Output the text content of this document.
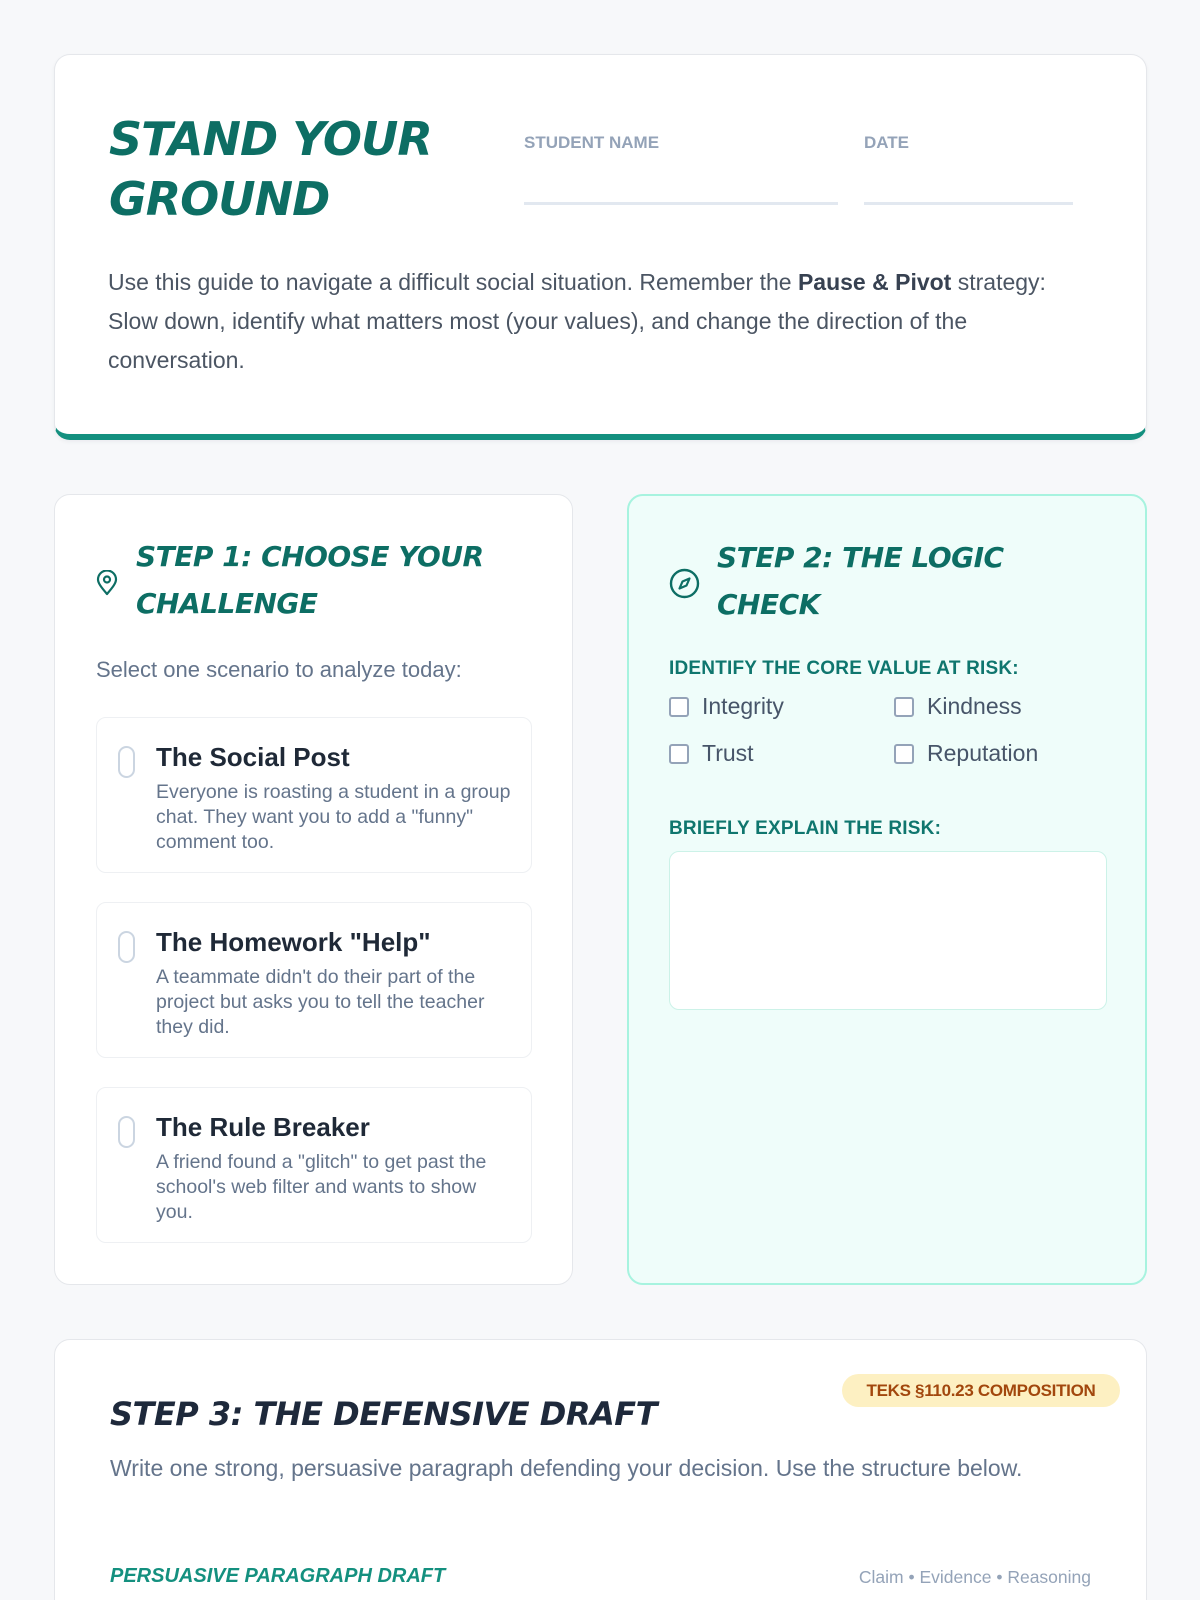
STAND YOUR GROUND
STUDENT NAME	DATE

Use this guide to navigate a difficult social situation. Remember the Pause & Pivot strategy: Slow down, identify what matters most (your values), and change the direction of the conversation.

STEP 1: CHOOSE YOUR CHALLENGE

Select one scenario to analyze today:

The Social Post
Everyone is roasting a student in a group chat. They want you to add a "funny" comment too.
The Homework "Help"
A teammate didn't do their part of the project but asks you to tell the teacher they did.
The Rule Breaker
A friend found a "glitch" to get past the school's web filter and wants to show you.
STEP 2: THE LOGIC CHECK
IDENTIFY THE CORE VALUE AT RISK:
Integrity	Kindness
Trust	Reputation
BRIEFLY EXPLAIN THE RISK:
TEKS §110.23 COMPOSITION
STEP 3: THE DEFENSIVE DRAFT

Write one strong, persuasive paragraph defending your decision. Use the structure below.

PERSUASIVE PARAGRAPH DRAFT	Claim • Evidence • Reasoning
